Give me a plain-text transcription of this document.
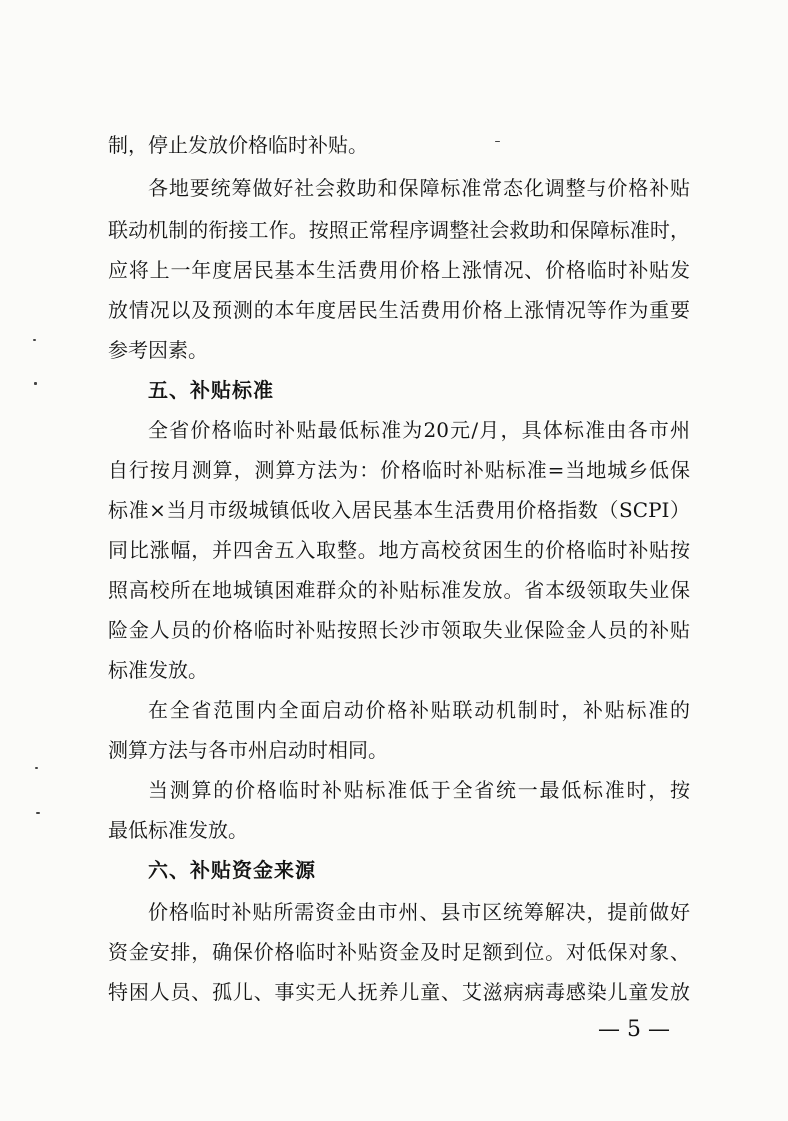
制，停止发放价格临时补贴。
各地要统筹做好社会救助和保障标准常态化调整与价格补贴
联动机制的衔接工作。按照正常程序调整社会救助和保障标准时，
应将上一年度居民基本生活费用价格上涨情况、价格临时补贴发
放情况以及预测的本年度居民生活费用价格上涨情况等作为重要
参考因素。
五、补贴标准
全省价格临时补贴最低标准为20元/月，具体标准由各市州
自行按月测算，测算方法为：价格临时补贴标准=当地城乡低保
标准×当月市级城镇低收入居民基本生活费用价格指数（SCPI）
同比涨幅，并四舍五入取整。地方高校贫困生的价格临时补贴按
照高校所在地城镇困难群众的补贴标准发放。省本级领取失业保
险金人员的价格临时补贴按照长沙市领取失业保险金人员的补贴
标准发放。
在全省范围内全面启动价格补贴联动机制时，补贴标准的
测算方法与各市州启动时相同。
当测算的价格临时补贴标准低于全省统一最低标准时，按
最低标准发放。
六、补贴资金来源
价格临时补贴所需资金由市州、县市区统筹解决，提前做好
资金安排，确保价格临时补贴资金及时足额到位。对低保对象、
特困人员、孤儿、事实无人抚养儿童、艾滋病病毒感染儿童发放
— 5 —
